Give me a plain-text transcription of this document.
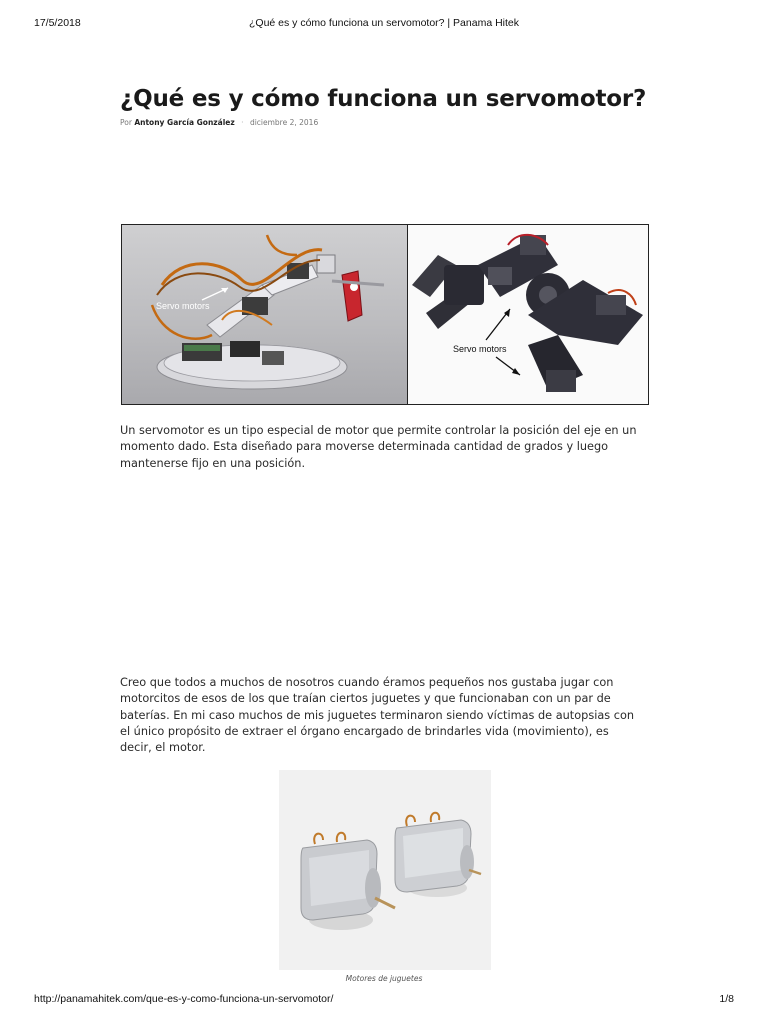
17/5/2018	¿Qué es y cómo funciona un servomotor? | Panama Hitek
¿Qué es y cómo funciona un servomotor?
Por Antony García González · diciembre 2, 2016
Servo motors
Servo motors

Un servomotor es un tipo especial de motor que permite controlar la posición del eje en un momento dado. Esta diseñado para moverse determinada cantidad de grados y luego mantenerse fijo en una posición.

Creo que todos a muchos de nosotros cuando éramos pequeños nos gustaba jugar con motorcitos de esos de los que traían ciertos juguetes y que funcionaban con un par de baterías. En mi caso muchos de mis juguetes terminaron siendo víctimas de autopsias con el único propósito de extraer el órgano encargado de brindarles vida (movimiento), es decir, el motor.

Motores de juguetes
http://panamahitek.com/que-es-y-como-funciona-un-servomotor/	1/8
